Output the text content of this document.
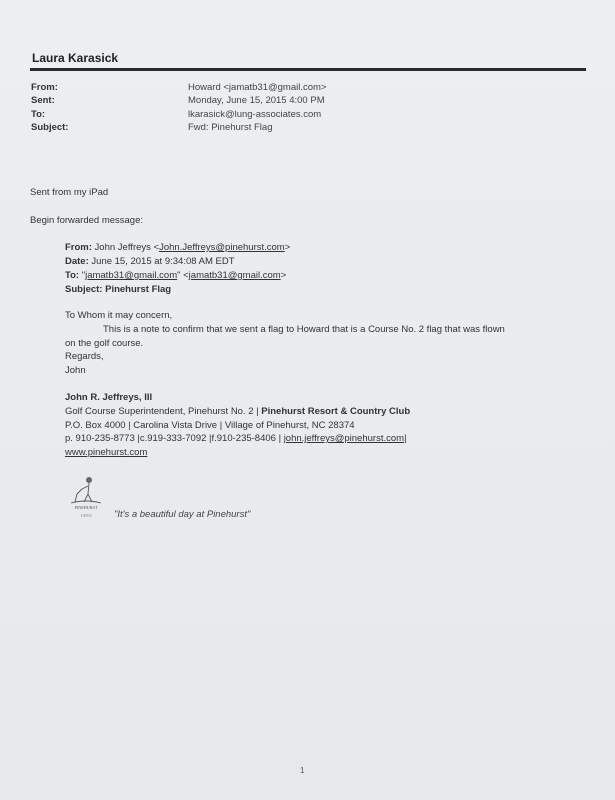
Laura Karasick
From:	Howard <jamatb31@gmail.com>
Sent:	Monday, June 15, 2015 4:00 PM
To:	lkarasick@lung-associates.com
Subject:	Fwd: Pinehurst Flag
Sent from my iPad
Begin forwarded message:
From: John Jeffreys <John.Jeffreys@pinehurst.com>
Date: June 15, 2015 at 9:34:08 AM EDT
To: "jamatb31@gmail.com" <jamatb31@gmail.com>
Subject: Pinehurst Flag
To Whom it may concern,
This is a note to confirm that we sent a flag to Howard that is a Course No. 2 flag that was flown
on the golf course.
Regards,
John
John R. Jeffreys, III
Golf Course Superintendent, Pinehurst No. 2 | Pinehurst Resort & Country Club
P.O. Box 4000 | Carolina Vista Drive | Village of Pinehurst, NC 28374
p. 910-235-8773 |c.919-333-7092 |f.910-235-8406 | john.jeffreys@pinehurst.com|
www.pinehurst.com
PINEHURST
1 8 9 5 "It's a beautiful day at Pinehurst"
1
